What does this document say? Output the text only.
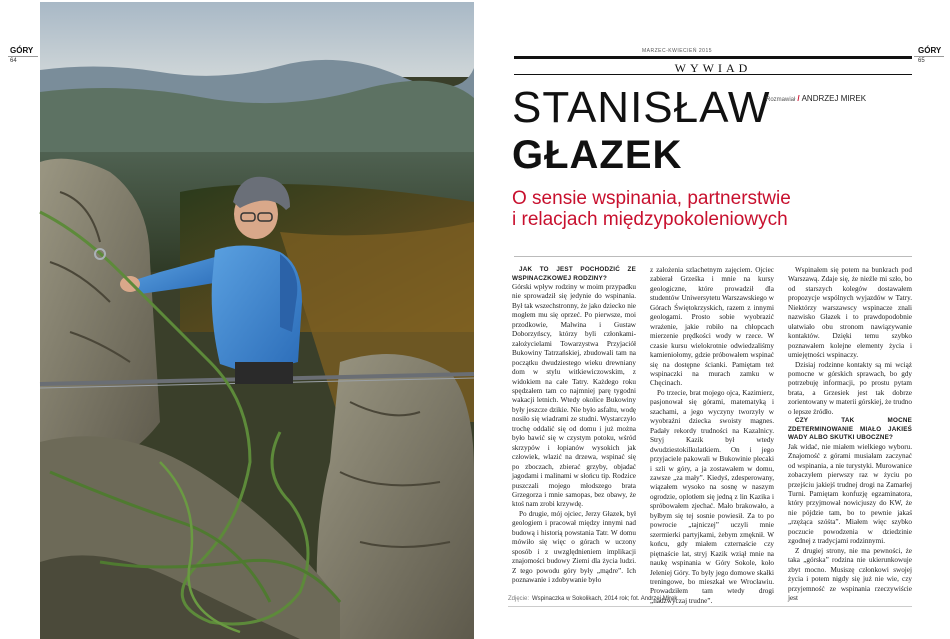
GÓRY
64
GÓRY
65
MARZEC-KWIECIEŃ 2015
WYWIAD
STANISŁAW
GŁAZEK
Rozmawiał / ANDRZEJ MIREK
O sensie wspinania, partnerstwie
i relacjach międzypokoleniowych

JAK TO JEST POCHODZIĆ ZE WSPINACZKOWEJ RODZINY?

Górski wpływ rodziny w moim przypadku nie sprowadził się jedynie do wspinania. Był tak wszechstronny, że jako dziecko nie mogłem mu się oprzeć. Po pierwsze, moi przodkowie, Malwina i Gustaw Doborzyńscy, którzy byli członkami-założycielami Towarzystwa Przyjaciół Bukowiny Tatrzańskiej, zbudowali tam na początku dwudziestego wieku drewniany dom w stylu witkiewiczowskim, z widokiem na całe Tatry. Każdego roku spędzałem tam co najmniej parę tygodni wakacji letnich. Wtedy okolice Bukowiny były jeszcze dzikie. Nie było asfaltu, wodę nosiło się wiadrami ze studni. Wystarczyło trochę oddalić się od domu i już można było bawić się w czystym potoku, wśród skrzypów i łopianów wysokich jak człowiek, wlazić na drzewa, wspinać się po zboczach, zbierać grzyby, objadać jagodami i malinami w słońcu tip. Rodzice puszczali mojego młodszego brata Grzegorza i mnie samopas, bez obawy, że ktoś nam zrobi krzywdę.

Po drugie, mój ojciec, Jerzy Głazek, był geologiem i pracował między innymi nad budową i historią powstania Tatr. W domu mówiło się więc o górach w uczony sposób i z uwzględnieniem implikacji znajomości budowy Ziemi dla życia ludzi. Z tego powodu góry były „mądre”. Ich poznawanie i zdobywanie było

z założenia szlachetnym zajęciem. Ojciec zabierał Grześka i mnie na kursy geologiczne, które prowadził dla studentów Uniwersytetu Warszawskiego w Górach Świętokrzyskich, razem z innymi geologami. Prosto sobie wyobrazić wrażenie, jakie robiło na chłopcach mierzenie prędkości wody w rzece. W czasie kursu wielokrotnie odwiedzaliśmy kamieniołomy, gdzie próbowałem wspinać się na dostępne ścianki. Pamiętam też wspinaczki na murach zamku w Chęcinach.

Po trzecie, brat mojego ojca, Kazimierz, pasjonował się górami, matematyką i szachami, a jego wyczyny tworzyły w wyobraźni dziecka swoisty magnes. Padały rekordy trudności na Kazalnicy. Stryj Kazik był wtedy dwudziestokilkulatkiem. On i jego przyjaciele pakowali w Bukowinie plecaki i szli w góry, a ja zostawałem w domu, zawsze „za mały”. Kiedyś, zdesperowany, wiązałem wysoko na sosnę w naszym ogrodzie, oplotłem się jedną z lin Kazika i spróbowałem zjechać. Mało brakowało, a byłbym się tej sosnie powiesił. Za to po powrocie „tajniczej” uczyli mnie szermierki partyjkami, żebym zmęknił. W końcu, gdy miałem czternaście czy piętnaście lat, stryj Kazik wziął mnie na naukę wspinania w Góry Sokole, koło Jeleniej Góry. To były jego domowe skałki treningowe, bo mieszkał we Wrocławiu. Prowadziłem tam wtedy drogi „nadzwyczaj trudne”.

Wspinałem się potem na bunkrach pod Warszawą. Zdaje się, że nieźle mi szło, bo od starszych kolegów dostawałem propozycje wspólnych wyjazdów w Tatry. Niektórzy warszawscy wspinacze znali nazwisko Głazek i to prawdopodobnie ułatwiało obu stronom nawiązywanie kontaktów. Dzięki temu szybko poznawałem kolejne elementy życia i umiejętności wspinaczy.

Dzisiaj rodzinne kontakty są mi wciąż pomocne w górskich sprawach, bo gdy potrzebuję informacji, po prostu pytam brata, a Grzesiek jest tak dobrze zorientowany w materii górskiej, że trudno o lepsze źródło.

CZY TAK MOCNE ZDETERMINOWANIE MIAŁO JAKIEŚ WADY ALBO SKUTKI UBOCZNE?

Jak widać, nie miałem wielkiego wyboru. Znajomość z górami musiałam zaczynać od wspinania, a nie turystyki. Murowanice zobaczyłem pierwszy raz w życiu po przejściu jakiejś trudnej drogi na Zamarłej Turni. Pamiętam konfuzję egzaminatora, który przyjmował nowicjuszy do KW, że nie pójdzie tam, bo to pewnie jakaś „rzężąca szóśta”. Miałem więc szybko poczucie powodzenia w dziedzinie zgodnej z tradycjami rodzinnymi.

Z drugiej strony, nie ma pewności, że taka „górska” rodzina nie ukierunkowuje zbyt mocno. Musiszę członkowi swojej życia i potem nigdy się już nie wie, czy przyjemność ze wspinania rzeczywiście jest

Zdjęcie: Wspinaczka w Sokolikach, 2014 rok; fot. Andrzej Mirek
